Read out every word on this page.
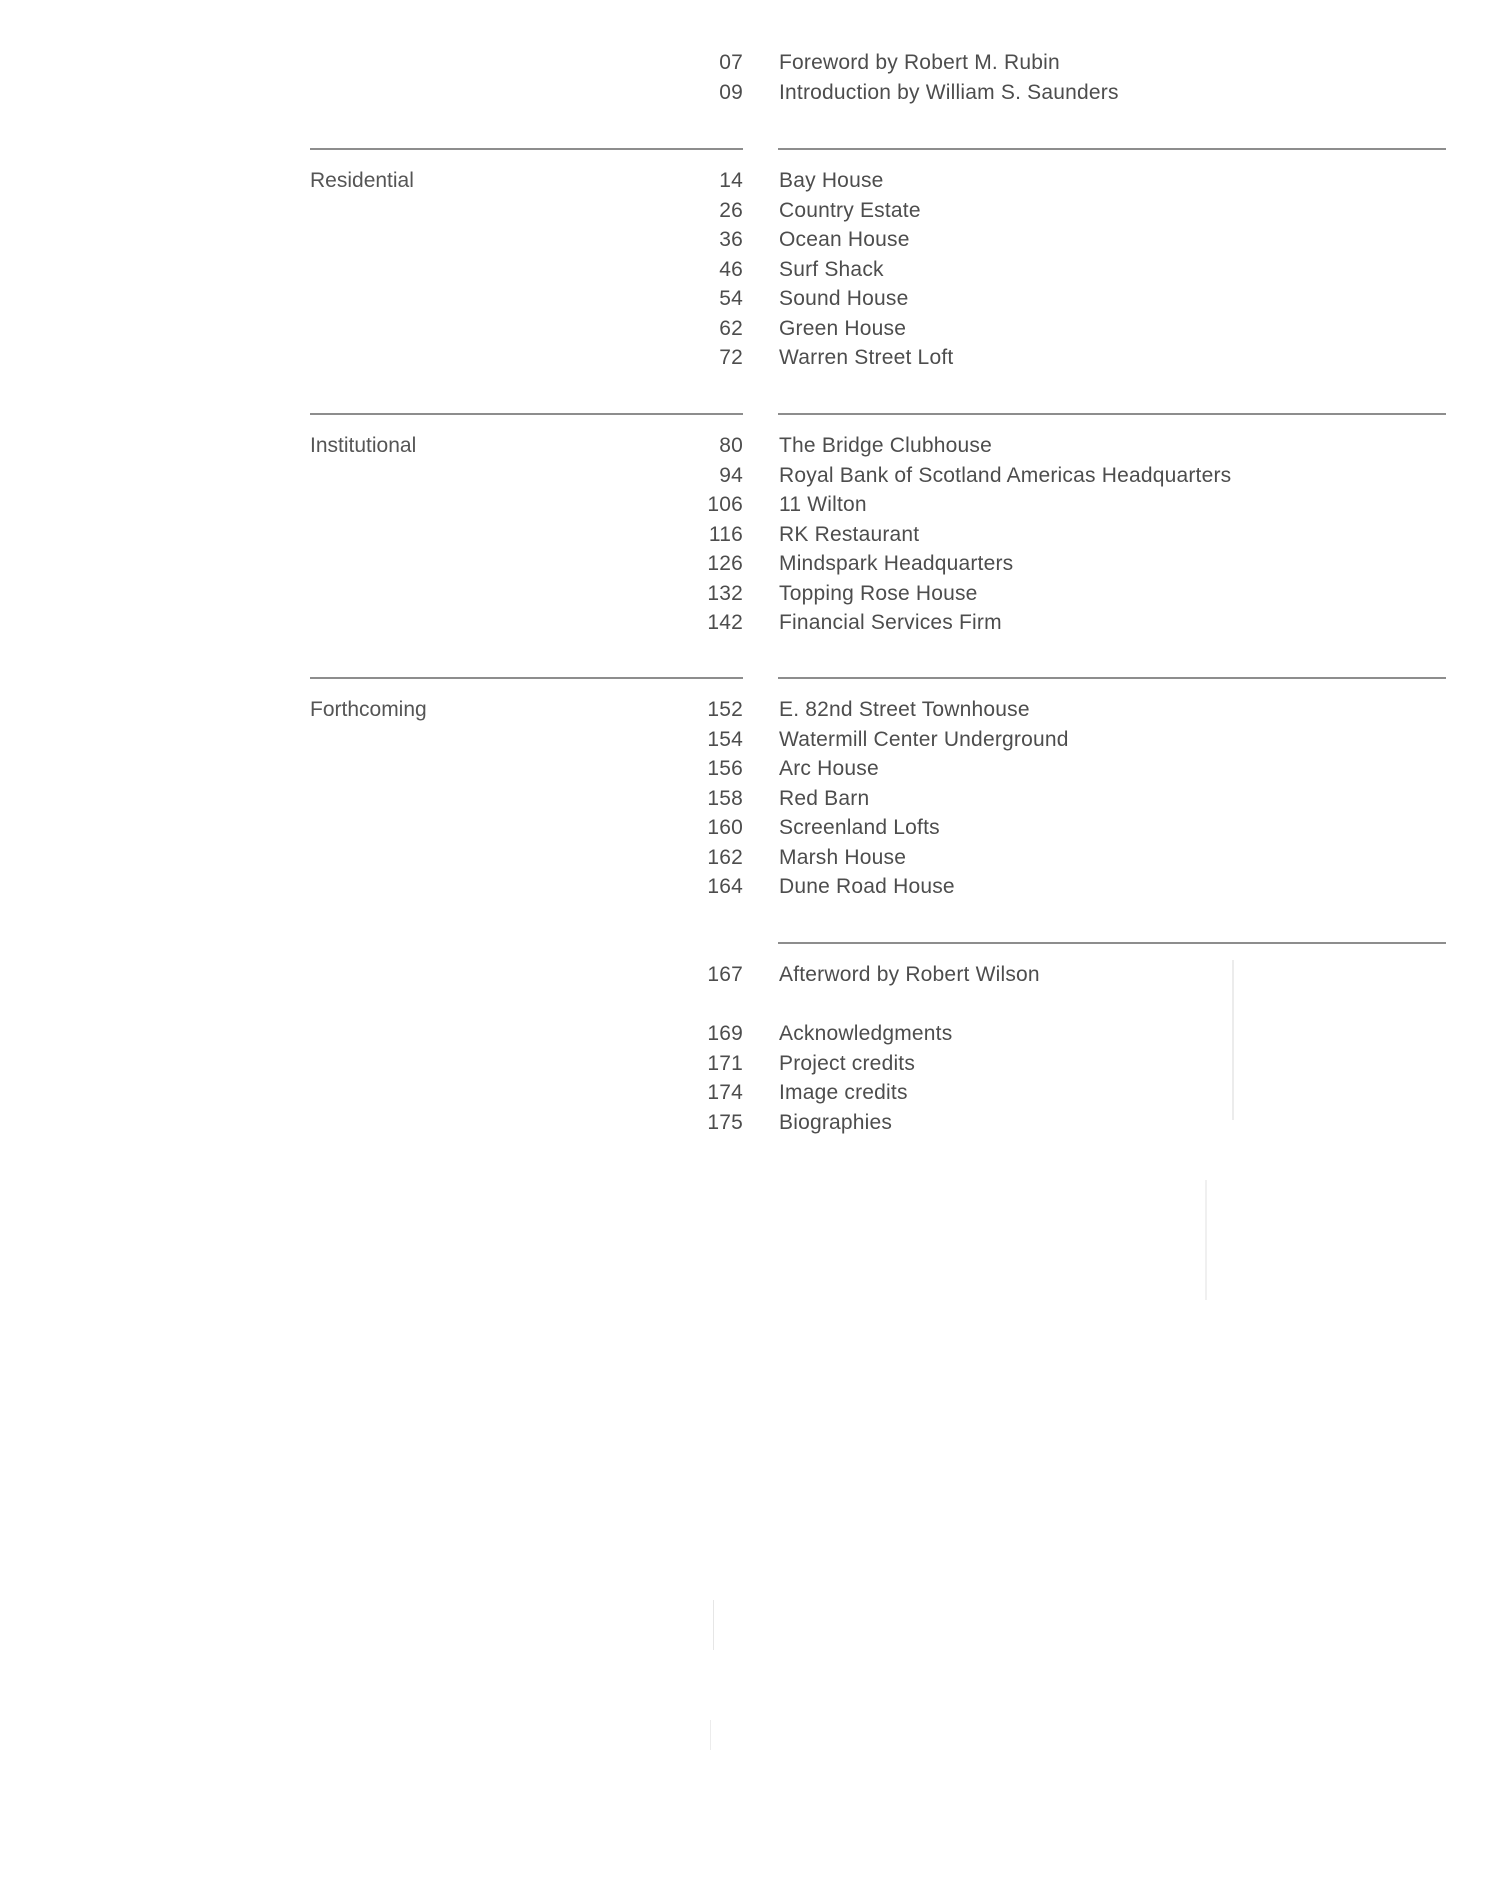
07 Foreword by Robert M. Rubin
09 Introduction by William S. Saunders
Residential	14 Bay House
26 Country Estate
36 Ocean House
46 Surf Shack
54 Sound House
62 Green House
72 Warren Street Loft
Institutional	80 The Bridge Clubhouse
94 Royal Bank of Scotland Americas Headquarters
106 11 Wilton
116 RK Restaurant
126 Mindspark Headquarters
132 Topping Rose House
142 Financial Services Firm
Forthcoming	152 E. 82nd Street Townhouse
154 Watermill Center Underground
156 Arc House
158 Red Barn
160 Screenland Lofts
162 Marsh House
164 Dune Road House
167 Afterword by Robert Wilson
169 Acknowledgments
171 Project credits
174 Image credits
175 Biographies
